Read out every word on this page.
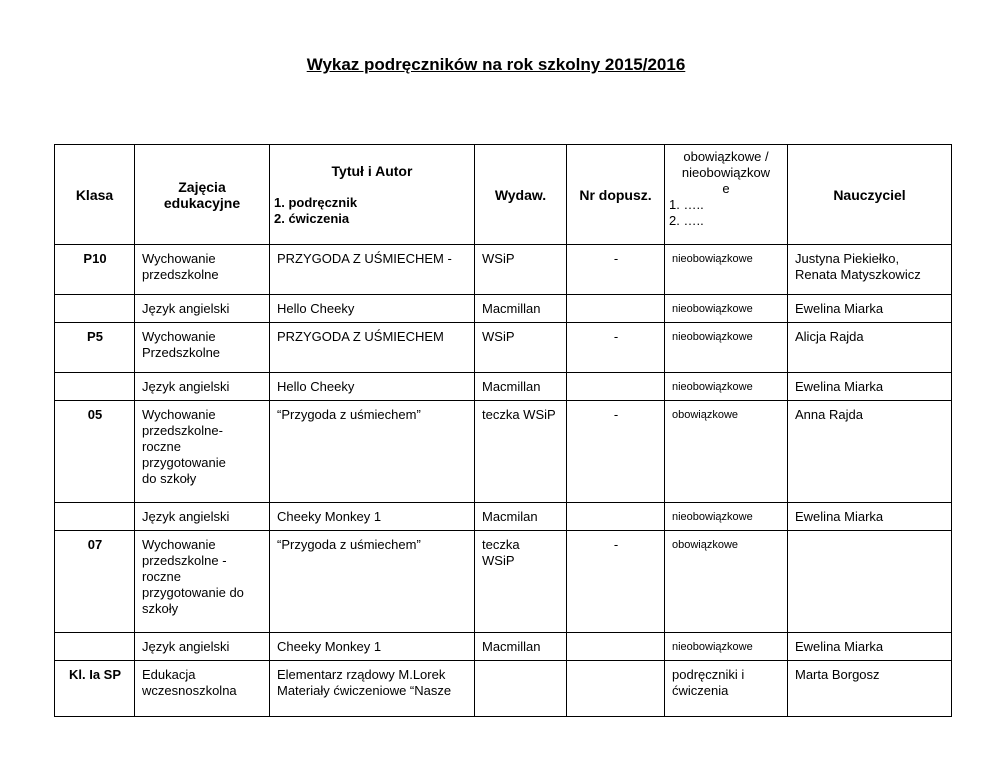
Wykaz podręczników na rok szkolny 2015/2016
Klasa	Zajęcia
edukacyjne	Tytuł i Autor
1. podręcznik
2. ćwiczenia	Wydaw.	Nr dopusz.	obowiązkowe /
nieobowiązkow
e
1. …..
2. …..	Nauczyciel

P10	Wychowanie
przedszkolne	PRZYGODA Z UŚMIECHEM -	WSiP	-	nieobowiązkowe	Justyna Piekiełko,
Renata Matyszkowicz

	Język angielski	Hello Cheeky	Macmillan		nieobowiązkowe	Ewelina Miarka

P5	Wychowanie
Przedszkolne	PRZYGODA Z UŚMIECHEM	WSiP	-	nieobowiązkowe	Alicja Rajda

	Język angielski	Hello Cheeky	Macmillan		nieobowiązkowe	Ewelina Miarka

05	Wychowanie
przedszkolne-
roczne
przygotowanie
do szkoły	“Przygoda z uśmiechem”	teczka WSiP	-	obowiązkowe	Anna Rajda

	Język angielski	Cheeky Monkey 1	Macmilan		nieobowiązkowe	Ewelina Miarka

07	Wychowanie
przedszkolne -
roczne
przygotowanie do
szkoły	“Przygoda z uśmiechem”	teczka
WSiP	-	obowiązkowe	

	Język angielski	Cheeky Monkey 1	Macmillan		nieobowiązkowe	Ewelina Miarka

Kl. Ia SP	Edukacja
wczesnoszkolna	Elementarz rządowy M.Lorek
Materiały ćwiczeniowe “Nasze			podręczniki i
ćwiczenia	Marta Borgosz
